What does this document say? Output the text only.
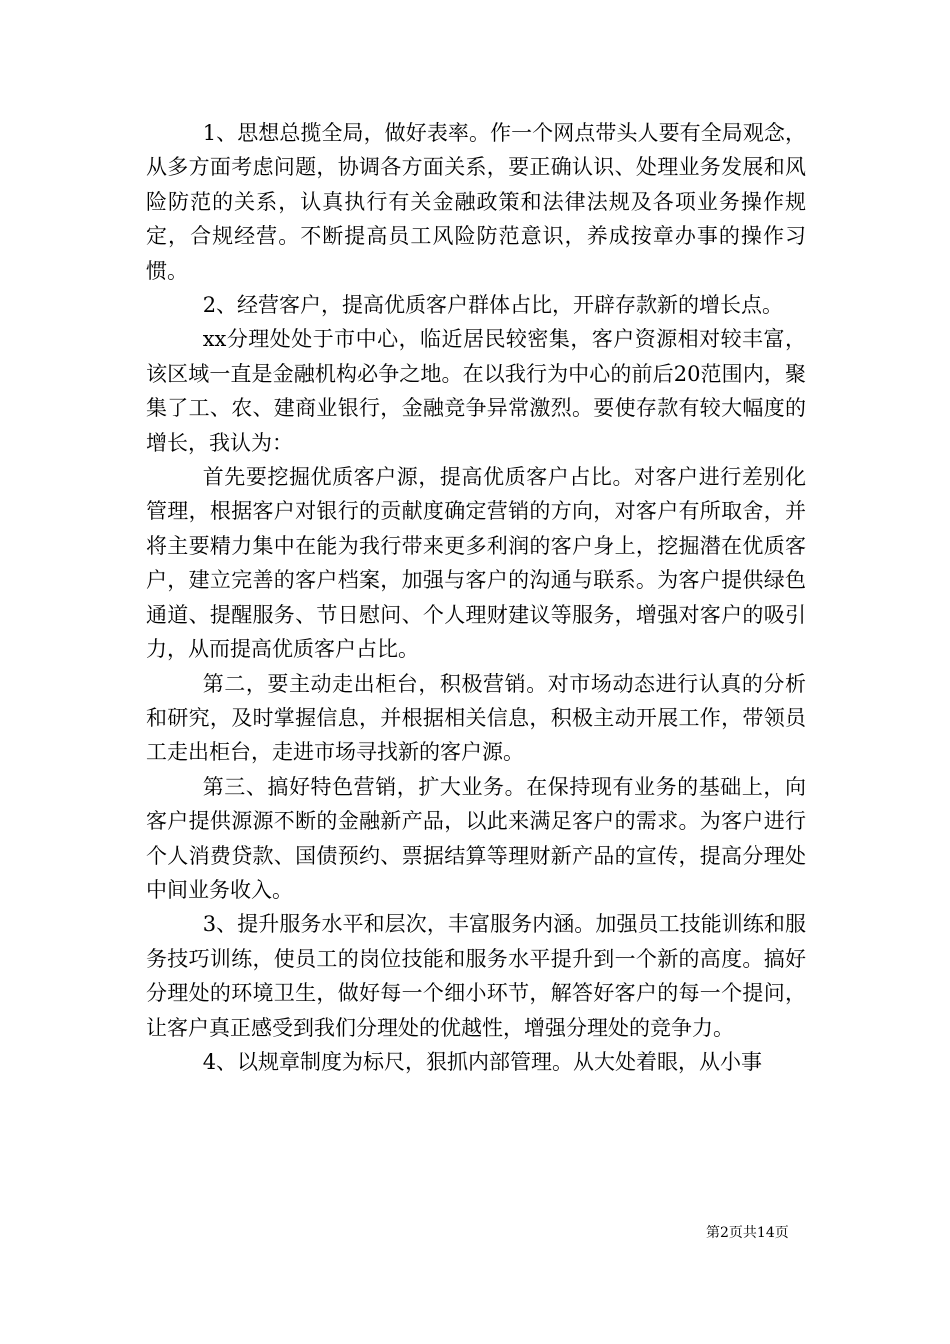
1、思想总揽全局，做好表率。作一个网点带头人要有全局观念，从多方面考虑问题，协调各方面关系，要正确认识、处理业务发展和风险防范的关系，认真执行有关金融政策和法律法规及各项业务操作规定，合规经营。不断提高员工风险防范意识，养成按章办事的操作习惯。

2、经营客户，提高优质客户群体占比，开辟存款新的增长点。

xx分理处处于市中心，临近居民较密集，客户资源相对较丰富，该区域一直是金融机构必争之地。在以我行为中心的前后20范围内，聚集了工、农、建商业银行，金融竞争异常激烈。要使存款有较大幅度的增长，我认为：

首先要挖掘优质客户源，提高优质客户占比。对客户进行差别化管理，根据客户对银行的贡献度确定营销的方向，对客户有所取舍，并将主要精力集中在能为我行带来更多利润的客户身上，挖掘潜在优质客户，建立完善的客户档案，加强与客户的沟通与联系。为客户提供绿色通道、提醒服务、节日慰问、个人理财建议等服务，增强对客户的吸引力，从而提高优质客户占比。

第二，要主动走出柜台，积极营销。对市场动态进行认真的分析和研究，及时掌握信息，并根据相关信息，积极主动开展工作，带领员工走出柜台，走进市场寻找新的客户源。

第三、搞好特色营销，扩大业务。在保持现有业务的基础上，向客户提供源源不断的金融新产品，以此来满足客户的需求。为客户进行个人消费贷款、国债预约、票据结算等理财新产品的宣传，提高分理处中间业务收入。

3、提升服务水平和层次，丰富服务内涵。加强员工技能训练和服务技巧训练，使员工的岗位技能和服务水平提升到一个新的高度。搞好分理处的环境卫生，做好每一个细小环节，解答好客户的每一个提问，让客户真正感受到我们分理处的优越性，增强分理处的竞争力。

4、以规章制度为标尺，狠抓内部管理。从大处着眼，从小事

第2页共14页
